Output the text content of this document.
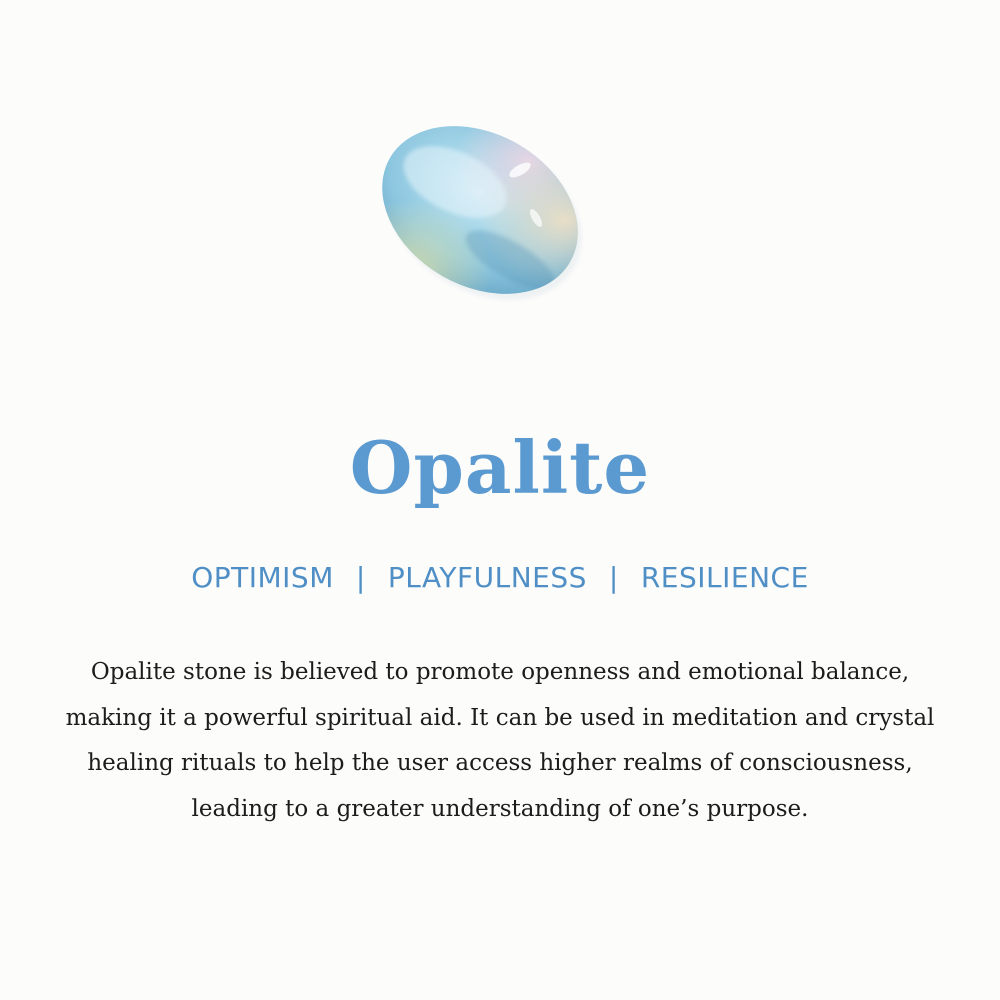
Opalite
OPTIMISM | PLAYFULNESS | RESILIENCE
Opalite stone is believed to promote openness and emotional balance,
making it a powerful spiritual aid. It can be used in meditation and crystal
healing rituals to help the user access higher realms of consciousness,
leading to a greater understanding of one’s purpose.
